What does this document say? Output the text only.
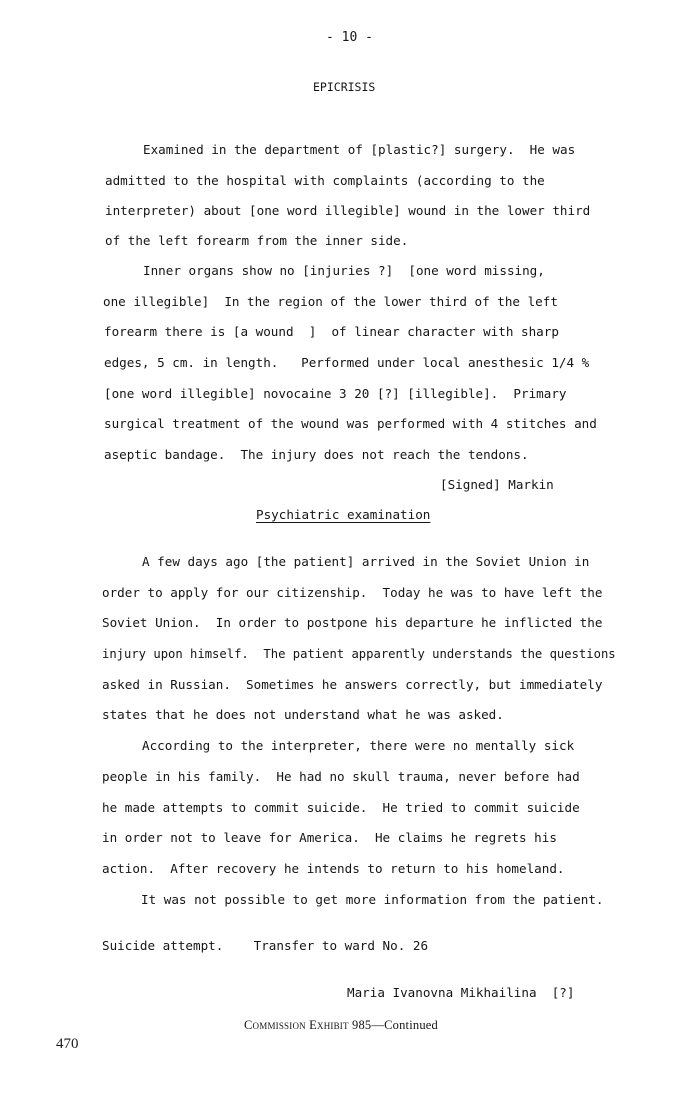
- 10 -
EPICRISIS
Examined in the department of [plastic?] surgery.  He was
admitted to the hospital with complaints (according to the
interpreter) about [one word illegible] wound in the lower third
of the left forearm from the inner side.
Inner organs show no [injuries ?]  [one word missing,
one illegible]  In the region of the lower third of the left
forearm there is [a wound  ]  of linear character with sharp
edges, 5 cm. in length.   Performed under local anesthesic 1/4 %
[one word illegible] novocaine 3 20 [?] [illegible].  Primary
surgical treatment of the wound was performed with 4 stitches and
aseptic bandage.  The injury does not reach the tendons.
[Signed] Markin
Psychiatric examination
A few days ago [the patient] arrived in the Soviet Union in
order to apply for our citizenship.  Today he was to have left the
Soviet Union.  In order to postpone his departure he inflicted the
injury upon himself.  The patient apparently understands the questions
asked in Russian.  Sometimes he answers correctly, but immediately
states that he does not understand what he was asked.
According to the interpreter, there were no mentally sick
people in his family.  He had no skull trauma, never before had
he made attempts to commit suicide.  He tried to commit suicide
in order not to leave for America.  He claims he regrets his
action.  After recovery he intends to return to his homeland.
It was not possible to get more information from the patient.
Suicide attempt.    Transfer to ward No. 26
Maria Ivanovna Mikhailina  [?]
Commission Exhibit 985—Continued
470
